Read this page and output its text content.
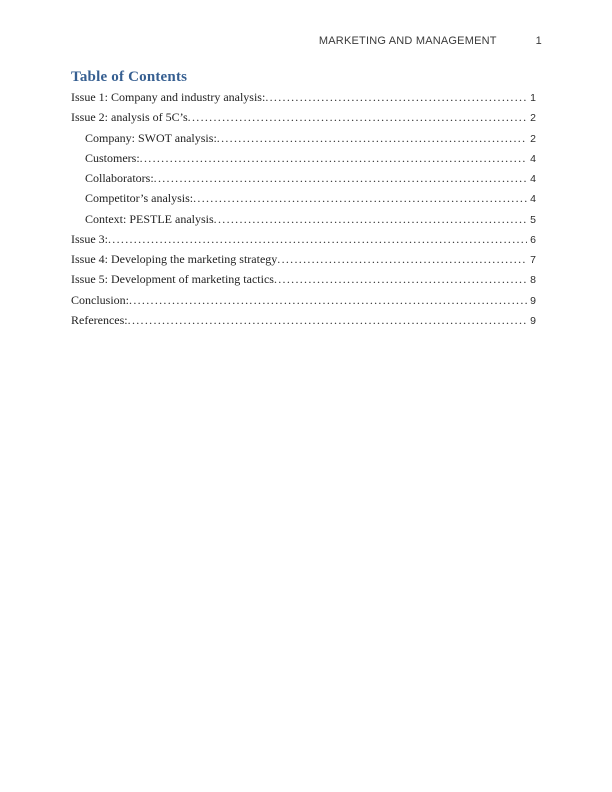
MARKETING AND MANAGEMENT	1
Table of Contents
Issue 1: Company and industry analysis: .....	1
Issue 2: analysis of 5C’s .....	2
Company: SWOT analysis: .....	2
Customers: .....	4
Collaborators: .....	4
Competitor’s analysis: .....	4
Context: PESTLE analysis .....	5
Issue 3: .....	6
Issue 4: Developing the marketing strategy .....	7
Issue 5: Development of marketing tactics .....	8
Conclusion: .....	9
References: .....	9
